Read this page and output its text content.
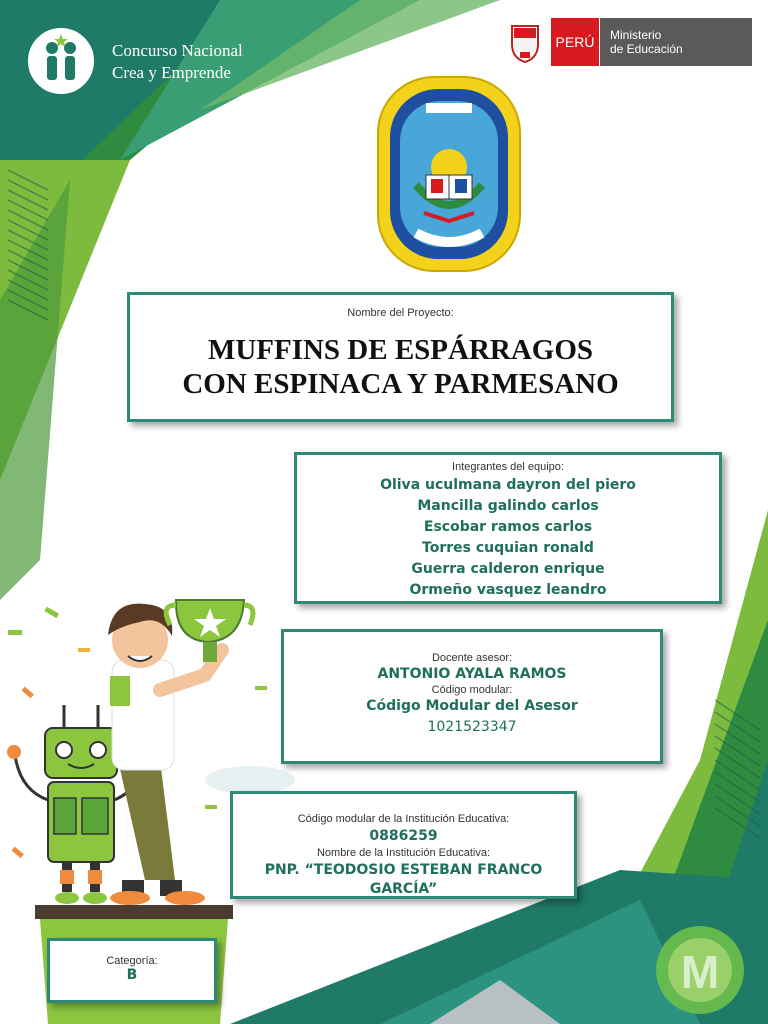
M
Concurso Nacional
Crea y Emprende
PERÚ	Ministerio
de Educación
Nombre del Proyecto:
MUFFINS DE ESPÁRRAGOS
CON ESPINACA Y PARMESANO
Integrantes del equipo:
Oliva uculmana dayron del piero
Mancilla galindo carlos
Escobar ramos carlos
Torres cuquian ronald
Guerra calderon enrique
Ormeño vasquez leandro
Docente asesor:
ANTONIO AYALA RAMOS
Código modular:
Código Modular del Asesor
1021523347
Código modular de la Institución Educativa:
0886259
Nombre de la Institución Educativa:
PNP. “TEODOSIO ESTEBAN FRANCO GARCÍA”
Categoría:
B
